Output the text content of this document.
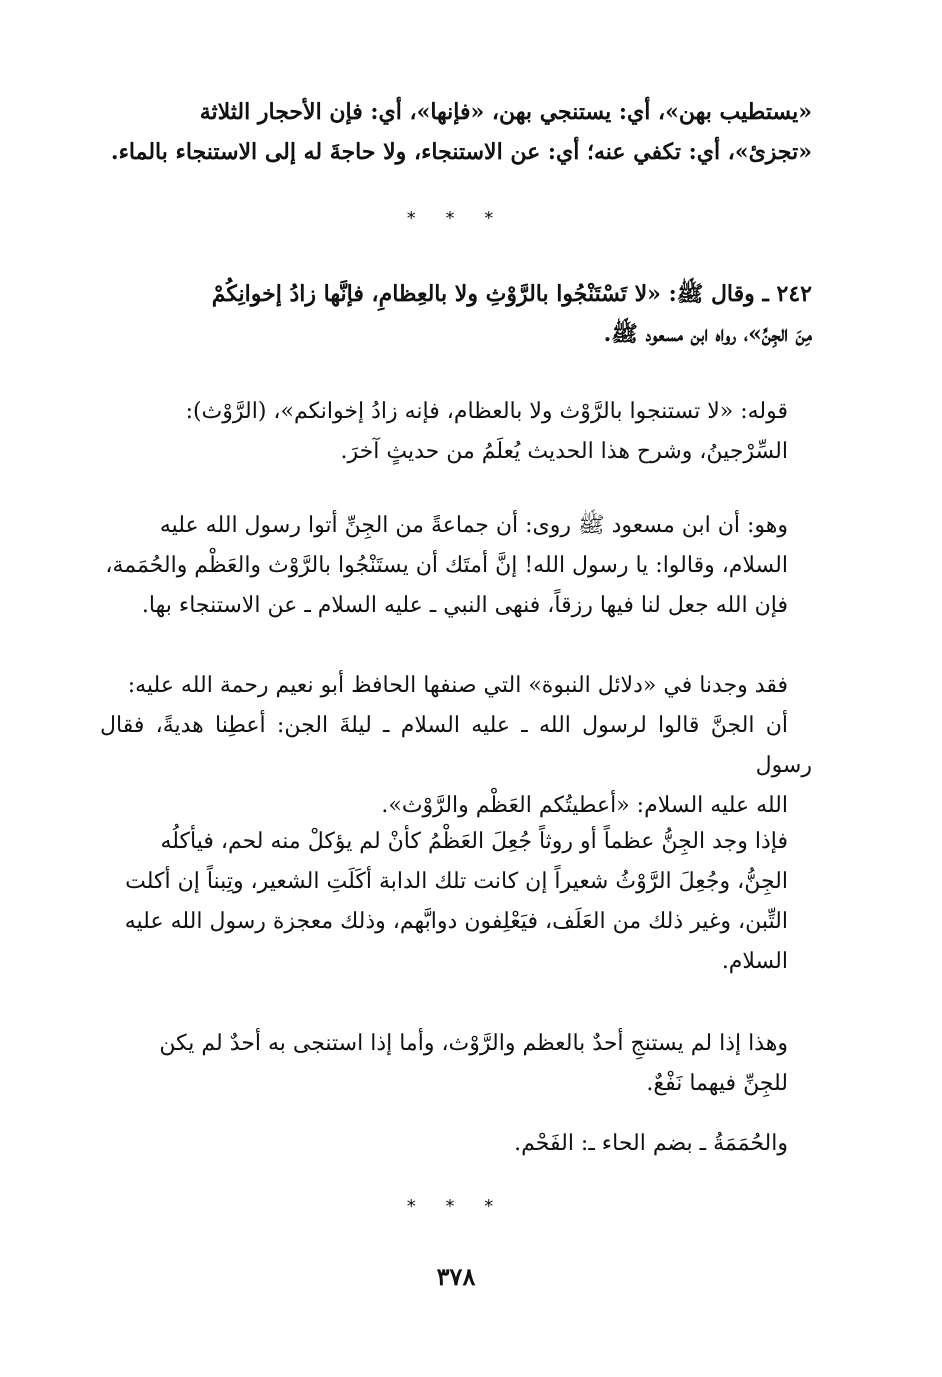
«يستطيب بهن»، أي: يستنجي بهن، «فإنها»، أي: فإن الأحجار الثلاثة
«تجزئ»، أي: تكفي عنه؛ أي: عن الاستنجاء، ولا حاجةَ له إلى الاستنجاء بالماء.

* * *

٢٤٢ ـ وقال ﷺ: «لا تَسْتَنْجُوا بالرَّوْثِ ولا بالعِظامِ، فإنَّها زادُ إخوانِكُمْ
مِنَ الجِنِّ»، رواه ابن مسعود ﷺ.

قوله: «لا تستنجوا بالرَّوْث ولا بالعظام، فإنه زادُ إخوانكم»، (الرَّوْث):
السِّرْجينُ، وشرح هذا الحديث يُعلَمُ من حديثٍ آخرَ.

وهو: أن ابن مسعود ﷺ روى: أن جماعةً من الجِنِّ أتوا رسول الله عليه
السلام، وقالوا: يا رسول الله! إنَّ أمتَك أن يستَنْجُوا بالرَّوْث والعَظْم والحُمَمة،
فإن الله جعل لنا فيها رزقاً، فنهى النبي ـ عليه السلام ـ عن الاستنجاء بها.

فقد وجدنا في «دلائل النبوة» التي صنفها الحافظ أبو نعيم رحمة الله عليه:
أن الجنَّ قالوا لرسول الله ـ عليه السلام ـ ليلةَ الجن: أعطِنا هديةً، فقال رسول
الله عليه السلام: «أعطيتُكم العَظْم والرَّوْث».

فإذا وجد الجِنُّ عظماً أو روثاً جُعِلَ العَظْمُ كأنْ لم يؤكلْ منه لحم، فيأكلُه
الجِنُّ، وجُعِلَ الرَّوْثُ شعيراً إن كانت تلك الدابة أكَلَتِ الشعير، وتِبناً إن أكلت
التِّبن، وغير ذلك من العَلَف، فيَعْلِفون دوابَّهم، وذلك معجزة رسول الله عليه
السلام.

وهذا إذا لم يستنجِ أحدٌ بالعظم والرَّوْث، وأما إذا استنجى به أحدٌ لم يكن
للجِنِّ فيهما نَفْعٌ.

والحُمَمَةُ ـ بضم الحاء ـ: الفَحْم.

* * *
٣٧٨
